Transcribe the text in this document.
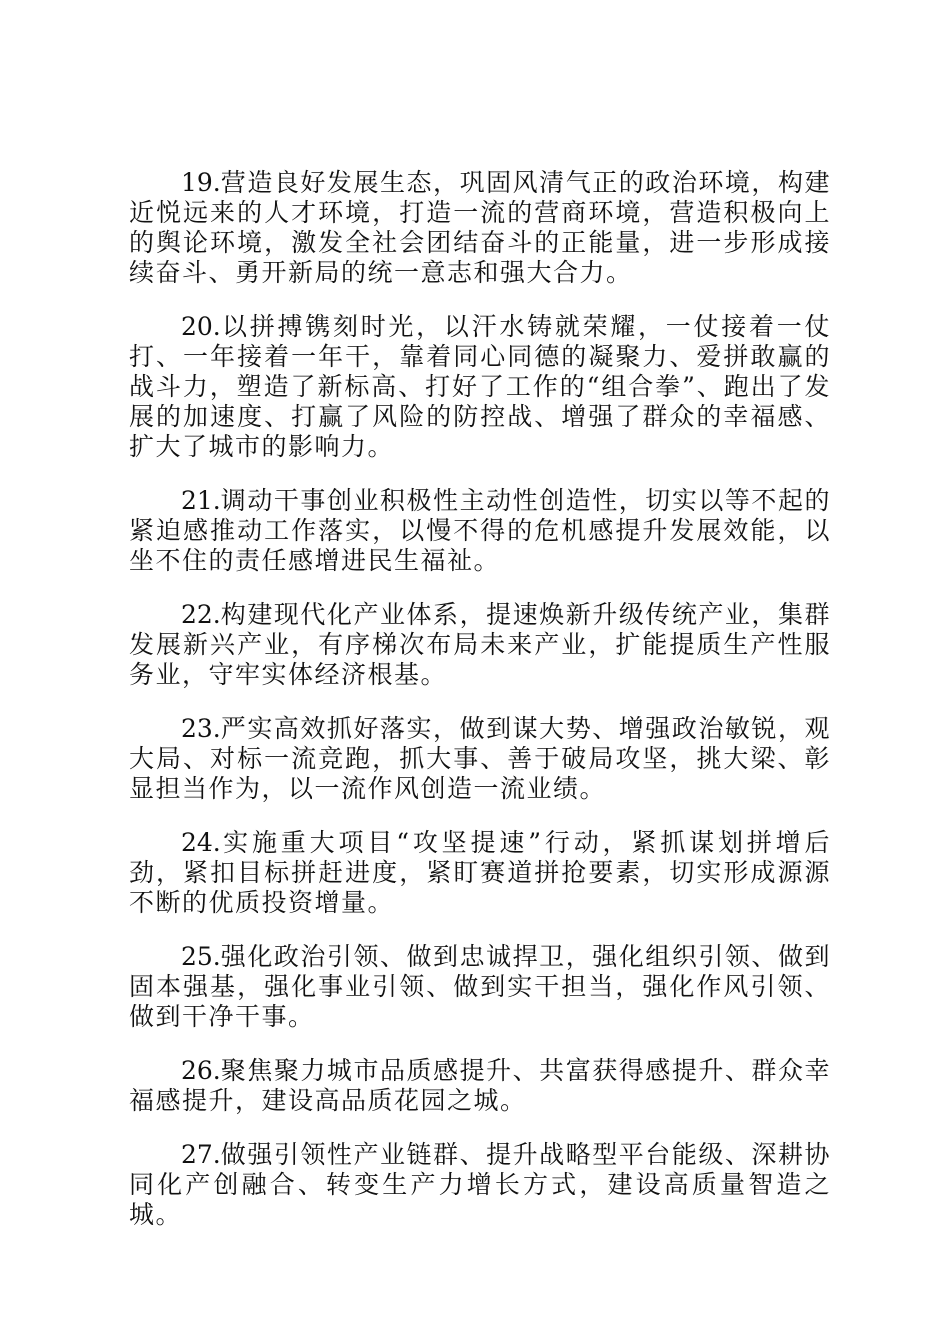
19.营造良好发展生态，巩固风清气正的政治环境，构建近悦远来的人才环境，打造一流的营商环境，营造积极向上的舆论环境，激发全社会团结奋斗的正能量，进一步形成接续奋斗、勇开新局的统一意志和强大合力。

20.以拼搏镌刻时光，以汗水铸就荣耀，一仗接着一仗打、一年接着一年干，靠着同心同德的凝聚力、爱拼敢赢的战斗力，塑造了新标高、打好了工作的“组合拳”、跑出了发展的加速度、打赢了风险的防控战、增强了群众的幸福感、扩大了城市的影响力。

21.调动干事创业积极性主动性创造性，切实以等不起的紧迫感推动工作落实，以慢不得的危机感提升发展效能，以坐不住的责任感增进民生福祉。

22.构建现代化产业体系，提速焕新升级传统产业，集群发展新兴产业，有序梯次布局未来产业，扩能提质生产性服务业，守牢实体经济根基。

23.严实高效抓好落实，做到谋大势、增强政治敏锐，观大局、对标一流竞跑，抓大事、善于破局攻坚，挑大梁、彰显担当作为，以一流作风创造一流业绩。

24.实施重大项目“攻坚提速”行动，紧抓谋划拼增后劲，紧扣目标拼赶进度，紧盯赛道拼抢要素，切实形成源源不断的优质投资增量。

25.强化政治引领、做到忠诚捍卫，强化组织引领、做到固本强基，强化事业引领、做到实干担当，强化作风引领、做到干净干事。

26.聚焦聚力城市品质感提升、共富获得感提升、群众幸福感提升，建设高品质花园之城。

27.做强引领性产业链群、提升战略型平台能级、深耕协同化产创融合、转变生产力增长方式，建设高质量智造之城。
